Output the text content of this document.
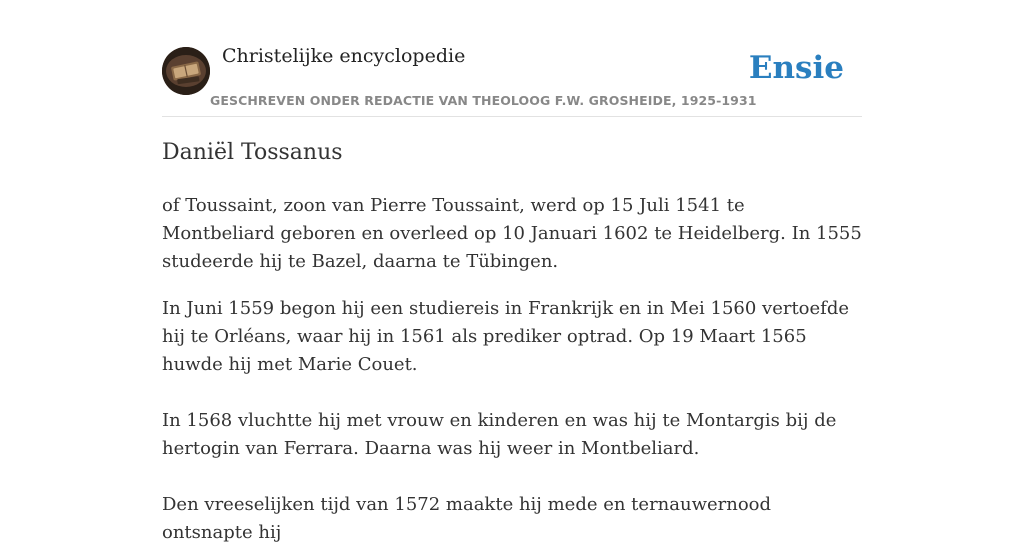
Christelijke encyclopedie
GESCHREVEN ONDER REDACTIE VAN THEOLOOG F.W. GROSHEIDE, 1925-1931
Ensie
Daniël Tossanus

of Toussaint, zoon van Pierre Toussaint, werd op 15 Juli 1541 te Montbeliard geboren en overleed op 10 Januari 1602 te Heidelberg. In 1555 studeerde hij te Bazel, daarna te Tübingen.

In Juni 1559 begon hij een studiereis in Frankrijk en in Mei 1560 vertoefde hij te Orléans, waar hij in 1561 als prediker optrad. Op 19 Maart 1565 huwde hij met Marie Couet.

In 1568 vluchtte hij met vrouw en kinderen en was hij te Montargis bij de hertogin van Ferrara. Daarna was hij weer in Montbeliard.

Den vreeselijken tijd van 1572 maakte hij mede en ternauwernood ontsnapte hij
